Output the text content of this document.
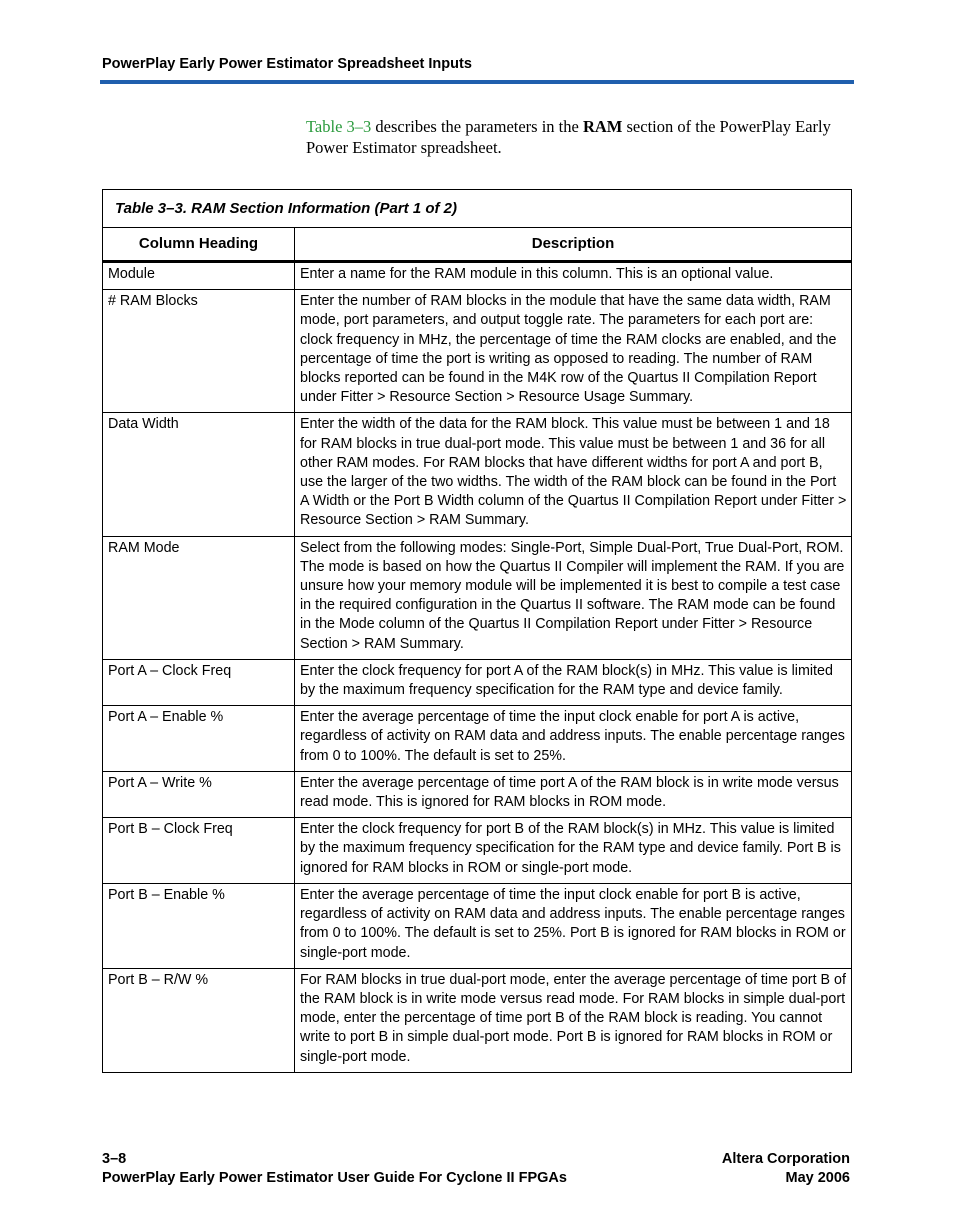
PowerPlay Early Power Estimator Spreadsheet Inputs

Table 3–3 describes the parameters in the RAM section of the PowerPlay Early Power Estimator spreadsheet.

Table 3–3. RAM Section Information (Part 1 of 2)	
Column Heading	Description
Module	Enter a name for the RAM module in this column. This is an optional value.
# RAM Blocks	Enter the number of RAM blocks in the module that have the same data width, RAM mode, port parameters, and output toggle rate. The parameters for each port are: clock frequency in MHz, the percentage of time the RAM clocks are enabled, and the percentage of time the port is writing as opposed to reading. The number of RAM blocks reported can be found in the M4K row of the Quartus II Compilation Report under Fitter > Resource Section > Resource Usage Summary.
Data Width	Enter the width of the data for the RAM block. This value must be between 1 and 18 for RAM blocks in true dual-port mode. This value must be between 1 and 36 for all other RAM modes. For RAM blocks that have different widths for port A and port B, use the larger of the two widths. The width of the RAM block can be found in the Port A Width or the Port B Width column of the Quartus II Compilation Report under Fitter > Resource Section > RAM Summary.
RAM Mode	Select from the following modes: Single-Port, Simple Dual-Port, True Dual-Port, ROM. The mode is based on how the Quartus II Compiler will implement the RAM. If you are unsure how your memory module will be implemented it is best to compile a test case in the required configuration in the Quartus II software. The RAM mode can be found in the Mode column of the Quartus II Compilation Report under Fitter > Resource Section > RAM Summary.
Port A – Clock Freq	Enter the clock frequency for port A of the RAM block(s) in MHz. This value is limited by the maximum frequency specification for the RAM type and device family.
Port A – Enable %	Enter the average percentage of time the input clock enable for port A is active, regardless of activity on RAM data and address inputs. The enable percentage ranges from 0 to 100%. The default is set to 25%.
Port A – Write %	Enter the average percentage of time port A of the RAM block is in write mode versus read mode. This is ignored for RAM blocks in ROM mode.
Port B – Clock Freq	Enter the clock frequency for port B of the RAM block(s) in MHz. This value is limited by the maximum frequency specification for the RAM type and device family. Port B is ignored for RAM blocks in ROM or single-port mode.
Port B – Enable %	Enter the average percentage of time the input clock enable for port B is active, regardless of activity on RAM data and address inputs. The enable percentage ranges from 0 to 100%. The default is set to 25%. Port B is ignored for RAM blocks in ROM or single-port mode.
Port B – R/W %	For RAM blocks in true dual-port mode, enter the average percentage of time port B of the RAM block is in write mode versus read mode. For RAM blocks in simple dual-port mode, enter the percentage of time port B of the RAM block is reading. You cannot write to port B in simple dual-port mode. Port B is ignored for RAM blocks in ROM or single-port mode.
3–8	Altera Corporation
PowerPlay Early Power Estimator User Guide For Cyclone II FPGAs	May 2006
